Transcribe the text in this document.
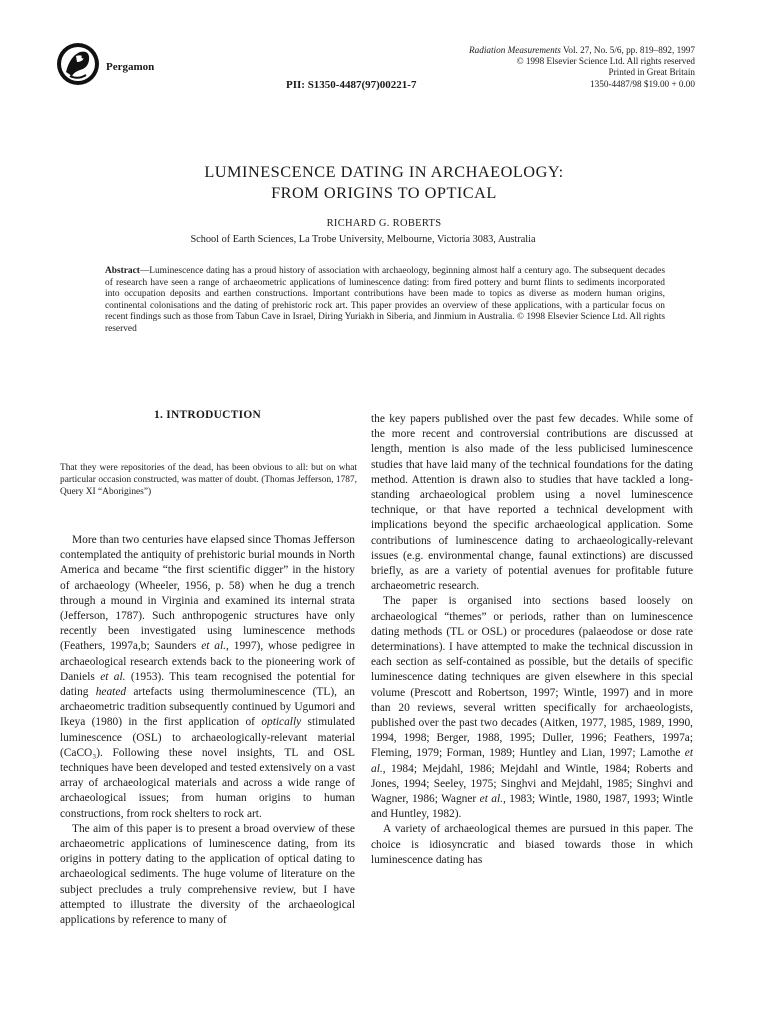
Pergamon
PII: S1350-4487(97)00221-7
Radiation Measurements Vol. 27, No. 5/6, pp. 819–892, 1997
© 1998 Elsevier Science Ltd. All rights reserved
Printed in Great Britain
1350-4487/98 $19.00 + 0.00
LUMINESCENCE DATING IN ARCHAEOLOGY:
FROM ORIGINS TO OPTICAL
RICHARD G. ROBERTS
School of Earth Sciences, La Trobe University, Melbourne, Victoria 3083, Australia
Abstract—Luminescence dating has a proud history of association with archaeology, beginning almost half a century ago. The subsequent decades of research have seen a range of archaeometric applications of luminescence dating: from fired pottery and burnt flints to sediments incorporated into occupation deposits and earthen constructions. Important contributions have been made to topics as diverse as modern human origins, continental colonisations and the dating of prehistoric rock art. This paper provides an overview of these applications, with a particular focus on recent findings such as those from Tabun Cave in Israel, Diring Yuriakh in Siberia, and Jinmium in Australia. © 1998 Elsevier Science Ltd. All rights reserved
1. INTRODUCTION
That they were repositories of the dead, has been obvious to all: but on what particular occasion constructed, was matter of doubt. (Thomas Jefferson, 1787, Query XI “Aborigines”)

More than two centuries have elapsed since Thomas Jefferson contemplated the antiquity of prehistoric burial mounds in North America and became “the first scientific digger” in the history of archaeology (Wheeler, 1956, p. 58) when he dug a trench through a mound in Virginia and examined its internal strata (Jefferson, 1787). Such anthropogenic structures have only recently been investigated using luminescence methods (Feathers, 1997a,b; Saunders et al., 1997), whose pedigree in archaeological research extends back to the pioneering work of Daniels et al. (1953). This team recognised the potential for dating heated artefacts using thermoluminescence (TL), an archaeometric tradition subsequently continued by Ugumori and Ikeya (1980) in the first application of optically stimulated luminescence (OSL) to archaeologically-relevant material (CaCO₃). Following these novel insights, TL and OSL techniques have been developed and tested extensively on a vast array of archaeological materials and across a wide range of archaeological issues; from human origins to human constructions, from rock shelters to rock art.

The aim of this paper is to present a broad overview of these archaeometric applications of luminescence dating, from its origins in pottery dating to the application of optical dating to archaeological sediments. The huge volume of literature on the subject precludes a truly comprehensive review, but I have attempted to illustrate the diversity of the archaeological applications by reference to many of

the key papers published over the past few decades. While some of the more recent and controversial contributions are discussed at length, mention is also made of the less publicised luminescence studies that have laid many of the technical foundations for the dating method. Attention is drawn also to studies that have tackled a long-standing archaeological problem using a novel luminescence technique, or that have reported a technical development with implications beyond the specific archaeological application. Some contributions of luminescence dating to archaeologically-relevant issues (e.g. environmental change, faunal extinctions) are discussed briefly, as are a variety of potential avenues for profitable future archaeometric research.

The paper is organised into sections based loosely on archaeological “themes” or periods, rather than on luminescence dating methods (TL or OSL) or procedures (palaeodose or dose rate determinations). I have attempted to make the technical discussion in each section as self-contained as possible, but the details of specific luminescence dating techniques are given elsewhere in this special volume (Prescott and Robertson, 1997; Wintle, 1997) and in more than 20 reviews, several written specifically for archaeologists, published over the past two decades (Aitken, 1977, 1985, 1989, 1990, 1994, 1998; Berger, 1988, 1995; Duller, 1996; Feathers, 1997a; Fleming, 1979; Forman, 1989; Huntley and Lian, 1997; Lamothe et al., 1984; Mejdahl, 1986; Mejdahl and Wintle, 1984; Roberts and Jones, 1994; Seeley, 1975; Singhvi and Mejdahl, 1985; Singhvi and Wagner, 1986; Wagner et al., 1983; Wintle, 1980, 1987, 1993; Wintle and Huntley, 1982).

A variety of archaeological themes are pursued in this paper. The choice is idiosyncratic and biased towards those in which luminescence dating has
